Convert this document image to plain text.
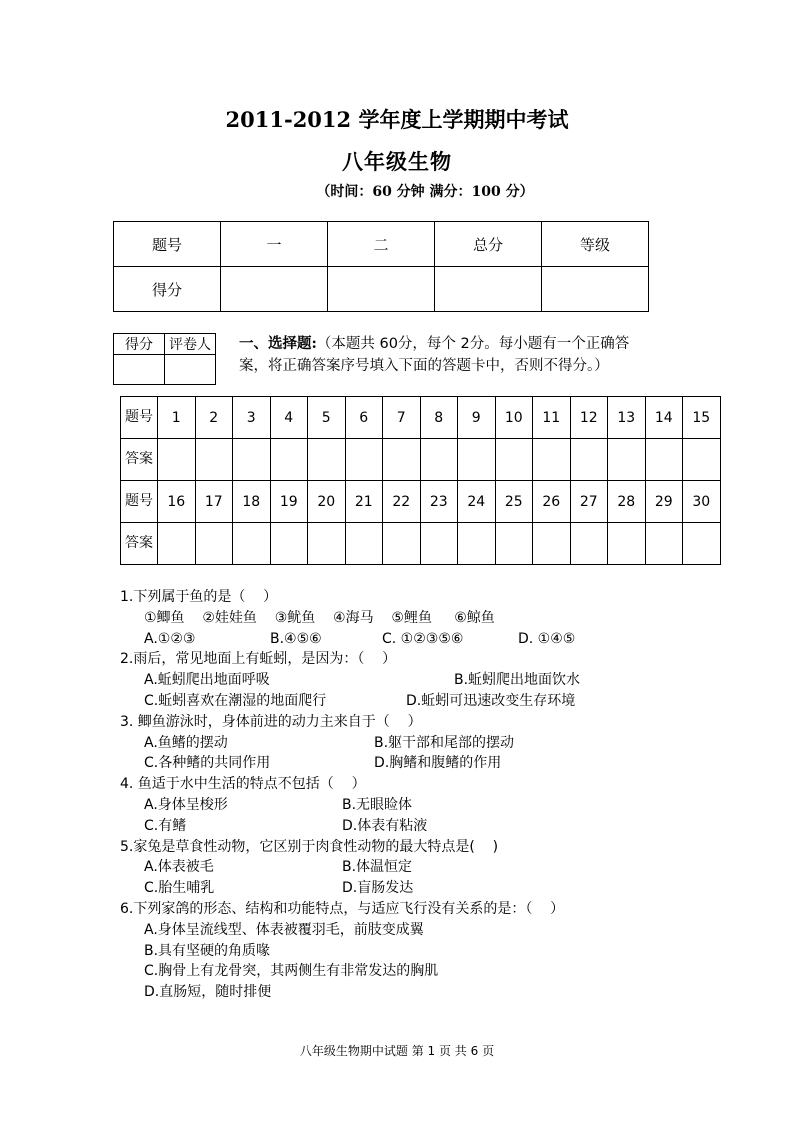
2011-2012 学年度上学期期中考试
八年级生物
（时间：60 分钟 满分：100 分）
题号	一	二	总分	等级
得分				
得分	评卷人
	一、选择题:（本题共 60分，每个 2分。每小题有一个正确答
案，将正确答案序号填入下面的答题卡中，否则不得分。）
题号	1	2	3	4	5	6	7	8	9	10	11	12	13	14	15
答案															
题号	16	17	18	19	20	21	22	23	24	25	26	27	28	29	30
答案															
1.下列属于鱼的是（    ）
①鲫鱼    ②娃娃鱼    ③鱿鱼    ④海马    ⑤鲤鱼     ⑥鲸鱼
A.①②③	B.④⑤⑥	C. ①②③⑤⑥	D. ①④⑤
2.雨后，常见地面上有蚯蚓，是因为：（    ）
A.蚯蚓爬出地面呼吸	B.蚯蚓爬出地面饮水
C.蚯蚓喜欢在潮湿的地面爬行	D.蚯蚓可迅速改变生存环境
3. 鲫鱼游泳时，身体前进的动力主来自于（    ）
A.鱼鳍的摆动	B.躯干部和尾部的摆动
C.各种鳍的共同作用	D.胸鳍和腹鳍的作用
4. 鱼适于水中生活的特点不包括（    ）
A.身体呈梭形	B.无眼睑体
C.有鳍	D.体表有粘液
5.家兔是草食性动物，它区别于肉食性动物的最大特点是(    )
A.体表被毛	B.体温恒定
C.胎生哺乳	D.盲肠发达
6.下列家鸽的形态、结构和功能特点，与适应飞行没有关系的是：（    ）
A.身体呈流线型、体表被覆羽毛，前肢变成翼
B.具有坚硬的角质喙
C.胸骨上有龙骨突，其两侧生有非常发达的胸肌
D.直肠短，随时排便
八年级生物期中试题 第 1 页 共 6 页
